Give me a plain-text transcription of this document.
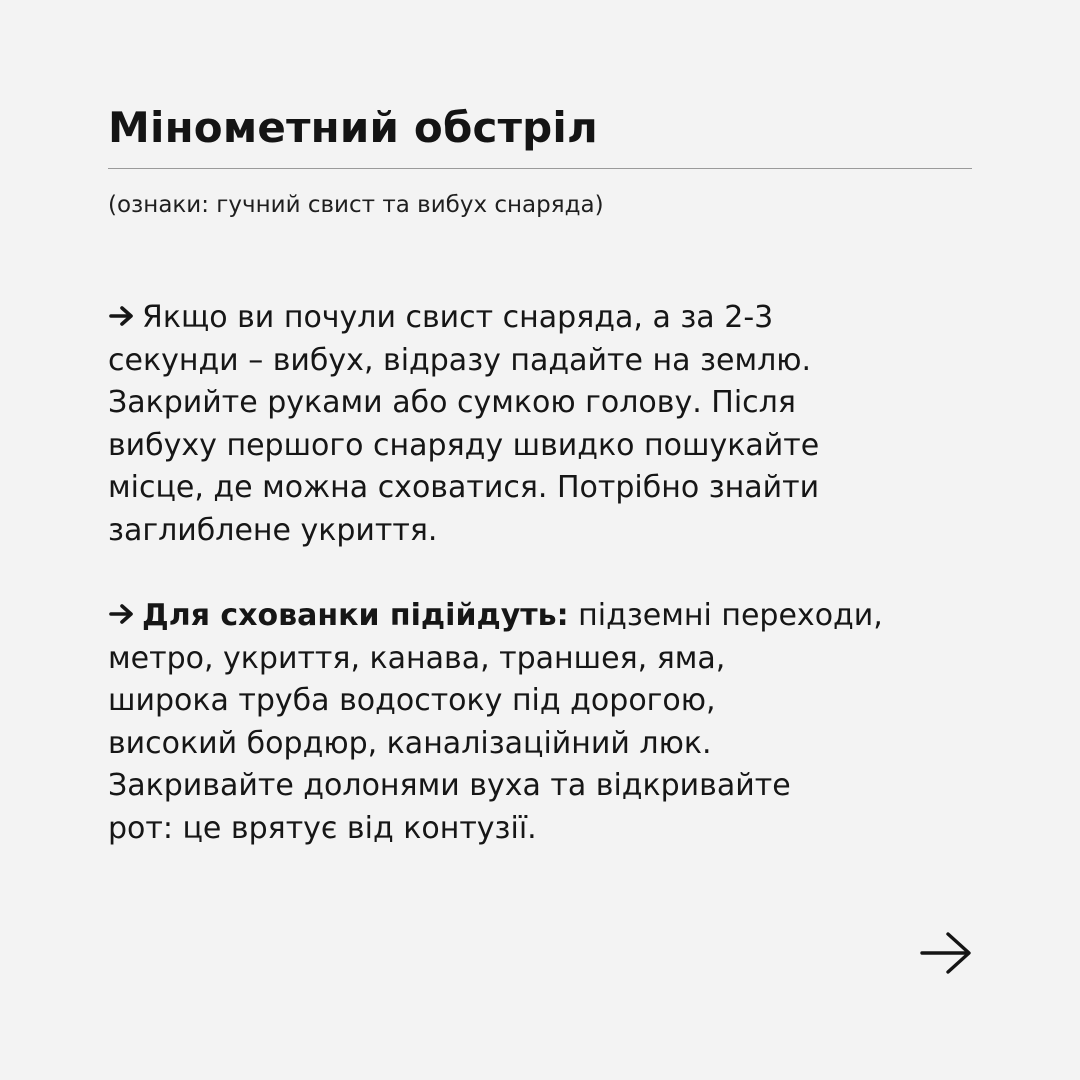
Мінометний обстріл

(ознаки: гучний свист та вибух снаряда)

Якщо ви почули свист снаряда, а за 2-3
секунди – вибух, відразу падайте на землю.
Закрийте руками або сумкою голову. Після
вибуху першого снаряду швидко пошукайте
місце, де можна сховатися. Потрібно знайти
заглиблене укриття.
Для схованки підійдуть: підземні переходи,
метро, укриття, канава, траншея, яма,
широка труба водостоку під дорогою,
високий бордюр, каналізаційний люк.
Закривайте долонями вуха та відкривайте
рот: це врятує від контузії.
